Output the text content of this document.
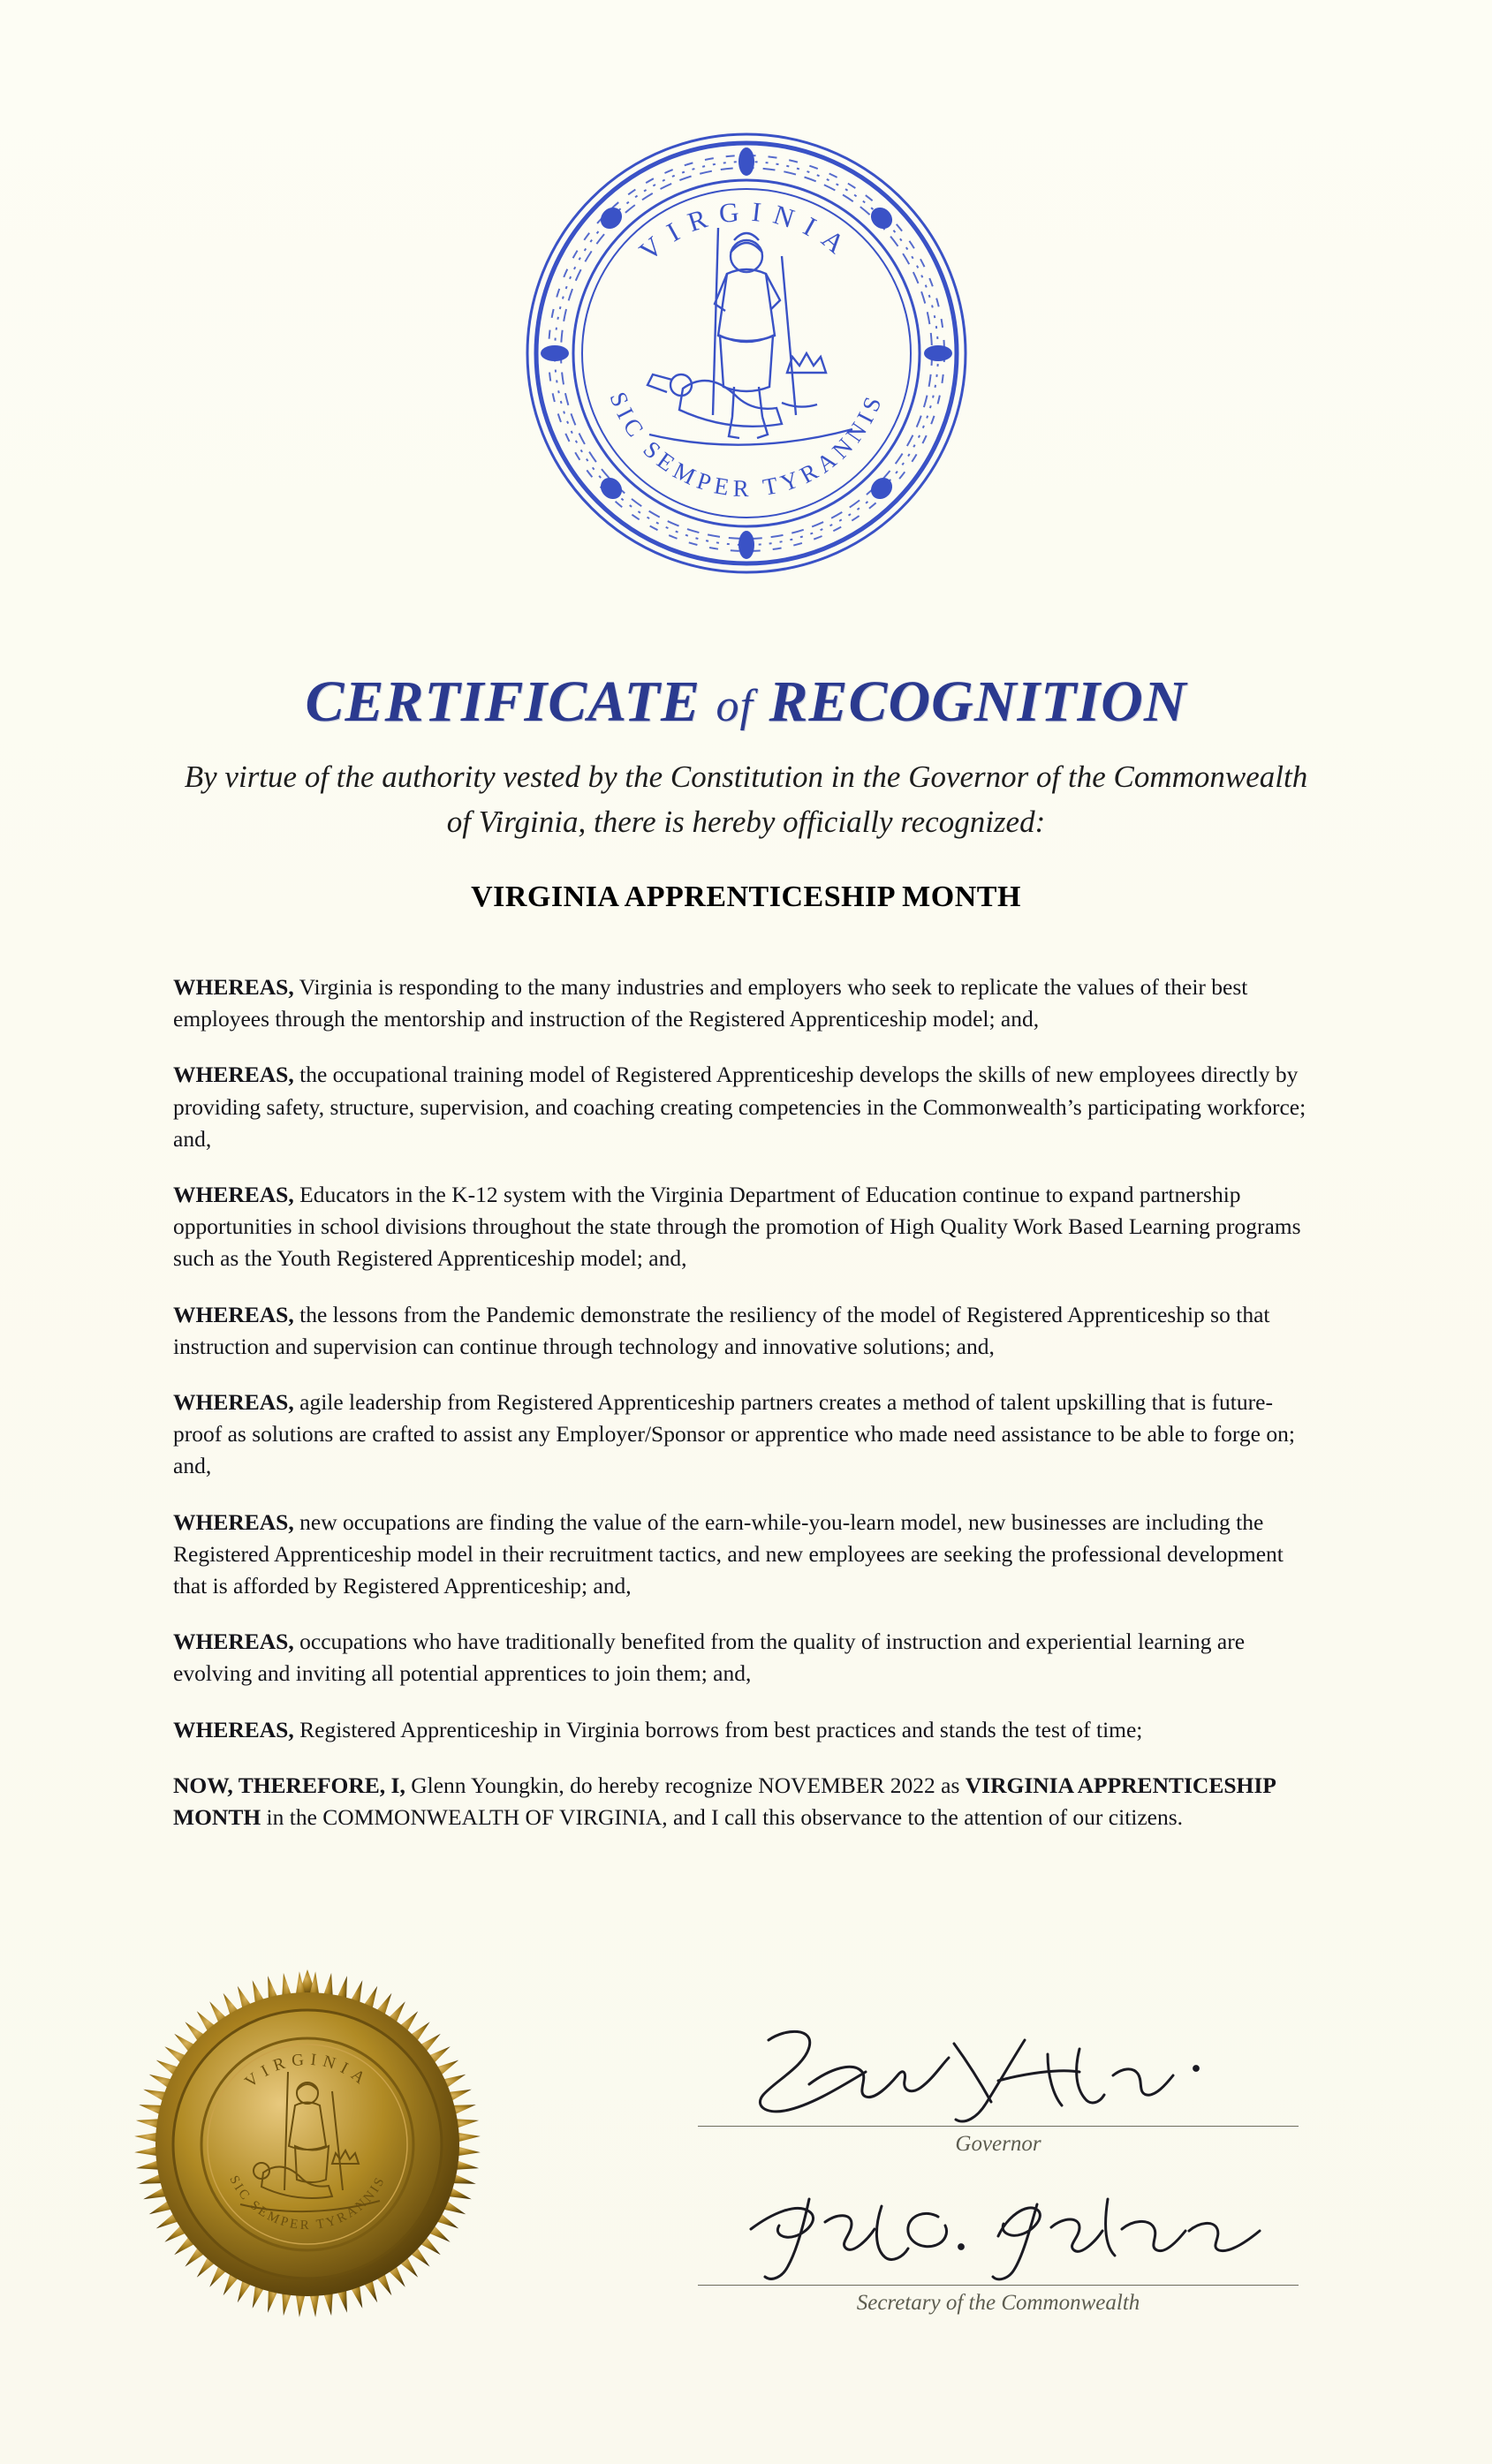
VIRGINIA
SIC SEMPER TYRANNIS
CERTIFICATE of RECOGNITION
By virtue of the authority vested by the Constitution in the Governor of the Commonwealth of Virginia, there is hereby officially recognized:
VIRGINIA APPRENTICESHIP MONTH

WHEREAS, Virginia is responding to the many industries and employers who seek to replicate the values of their best employees through the mentorship and instruction of the Registered Apprenticeship model; and,

WHEREAS, the occupational training model of Registered Apprenticeship develops the skills of new employees directly by providing safety, structure, supervision, and coaching creating competencies in the Commonwealth’s participating workforce; and,

WHEREAS, Educators in the K-12 system with the Virginia Department of Education continue to expand partnership opportunities in school divisions throughout the state through the promotion of High Quality Work Based Learning programs such as the Youth Registered Apprenticeship model; and,

WHEREAS, the lessons from the Pandemic demonstrate the resiliency of the model of Registered Apprenticeship so that instruction and supervision can continue through technology and innovative solutions; and,

WHEREAS, agile leadership from Registered Apprenticeship partners creates a method of talent upskilling that is future-proof as solutions are crafted to assist any Employer/Sponsor or apprentice who made need assistance to be able to forge on; and,

WHEREAS, new occupations are finding the value of the earn-while-you-learn model, new businesses are including the Registered Apprenticeship model in their recruitment tactics, and new employees are seeking the professional development that is afforded by Registered Apprenticeship; and,

WHEREAS, occupations who have traditionally benefited from the quality of instruction and experiential learning are evolving and inviting all potential apprentices to join them; and,

WHEREAS, Registered Apprenticeship in Virginia borrows from best practices and stands the test of time;

NOW, THEREFORE, I, Glenn Youngkin, do hereby recognize NOVEMBER 2022 as VIRGINIA APPRENTICESHIP MONTH in the COMMONWEALTH OF VIRGINIA, and I call this observance to the attention of our citizens.

VIRGINIA
SIC SEMPER TYRANNIS
Governor
Secretary of the Commonwealth
